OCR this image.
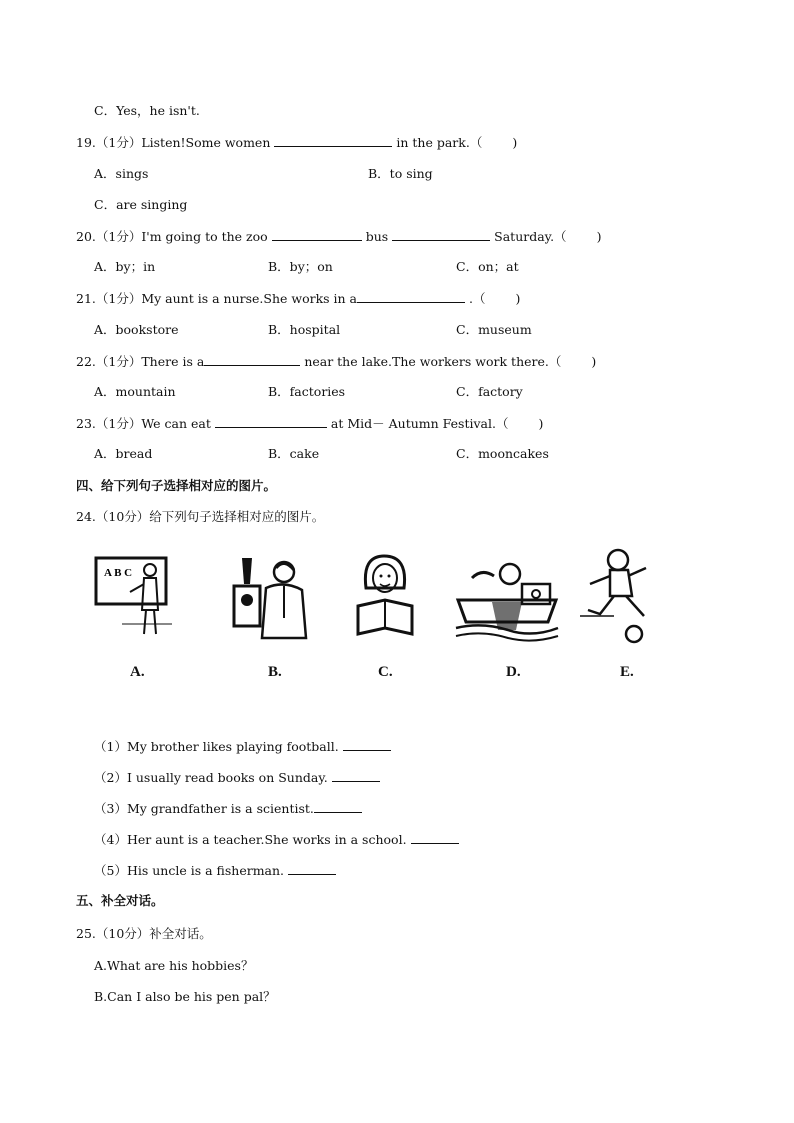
C．Yes，he isn't.
19.（1分）Listen!Some women	in the park.（ )
A．sings	B．to sing
C．are singing
20.（1分）I'm going to the zoo	bus	Saturday.（ )
A．by；in	B．by；on	C．on；at
21.（1分）My aunt is a nurse.She works in a	.（ )
A．bookstore	B．hospital	C．museum
22.（1分）There is a	near the lake.The workers work there.（ )
A．mountain	B．factories	C．factory
23.（1分）We can eat	at Mid－ Autumn Festival.（ )
A．bread	B．cake	C．mooncakes
四、给下列句子选择相对应的图片。
24.（10分）给下列句子选择相对应的图片。
A B C
A.	B.	C.	D.	E.
（1）My brother likes playing football.
（2）I usually read books on Sunday.
（3）My grandfather is a scientist.
（4）Her aunt is a teacher.She works in a school.
（5）His uncle is a fisherman.
五、补全对话。
25.（10分）补全对话。
A.What are his hobbies？
B.Can I also be his pen pal？
